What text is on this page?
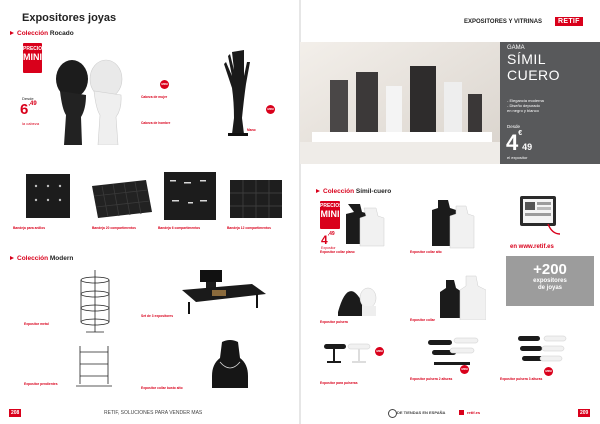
Expositores joyas
Colección Rocado
PRECIOS
MINI
Desde
$6^{,49}$
la cabeza
MINI
Cabeza de mujer
Cabeza de hombre
MINI
Mano
Bandeja para anillos	Bandeja 20 compartimentos	Bandeja 6 compartimentos	Bandeja 12 compartimentos
Colección Modern
Expositor metal
Set de 3 expositores
Expositor pendientes
Expositor collar busto alto
208	RETIF, SOLUCIONES PARA VENDER MAS
EXPOSITORES Y VITRINAS	RETIF
GAMA
SÍMIL
CUERO
- Elegancia moderna
- Diseño depurado
en negro y blanco
Desde
4€49
el expositor
Colección Símil-cuero
PRECIOS
MINI
$4^{,49}$
Expositor
Expositor collar plano	Expositor collar alto
en www.retif.es
+200
expositores
de joyas
Expositor pulsera	Expositor collar
MINI
Expositor para pulseras
MINI
Expositor pulsera 2 alturas
MINI
Expositor pulsera 3 alturas
DE TIENDAS EN ESPAÑA	retif.es	209
